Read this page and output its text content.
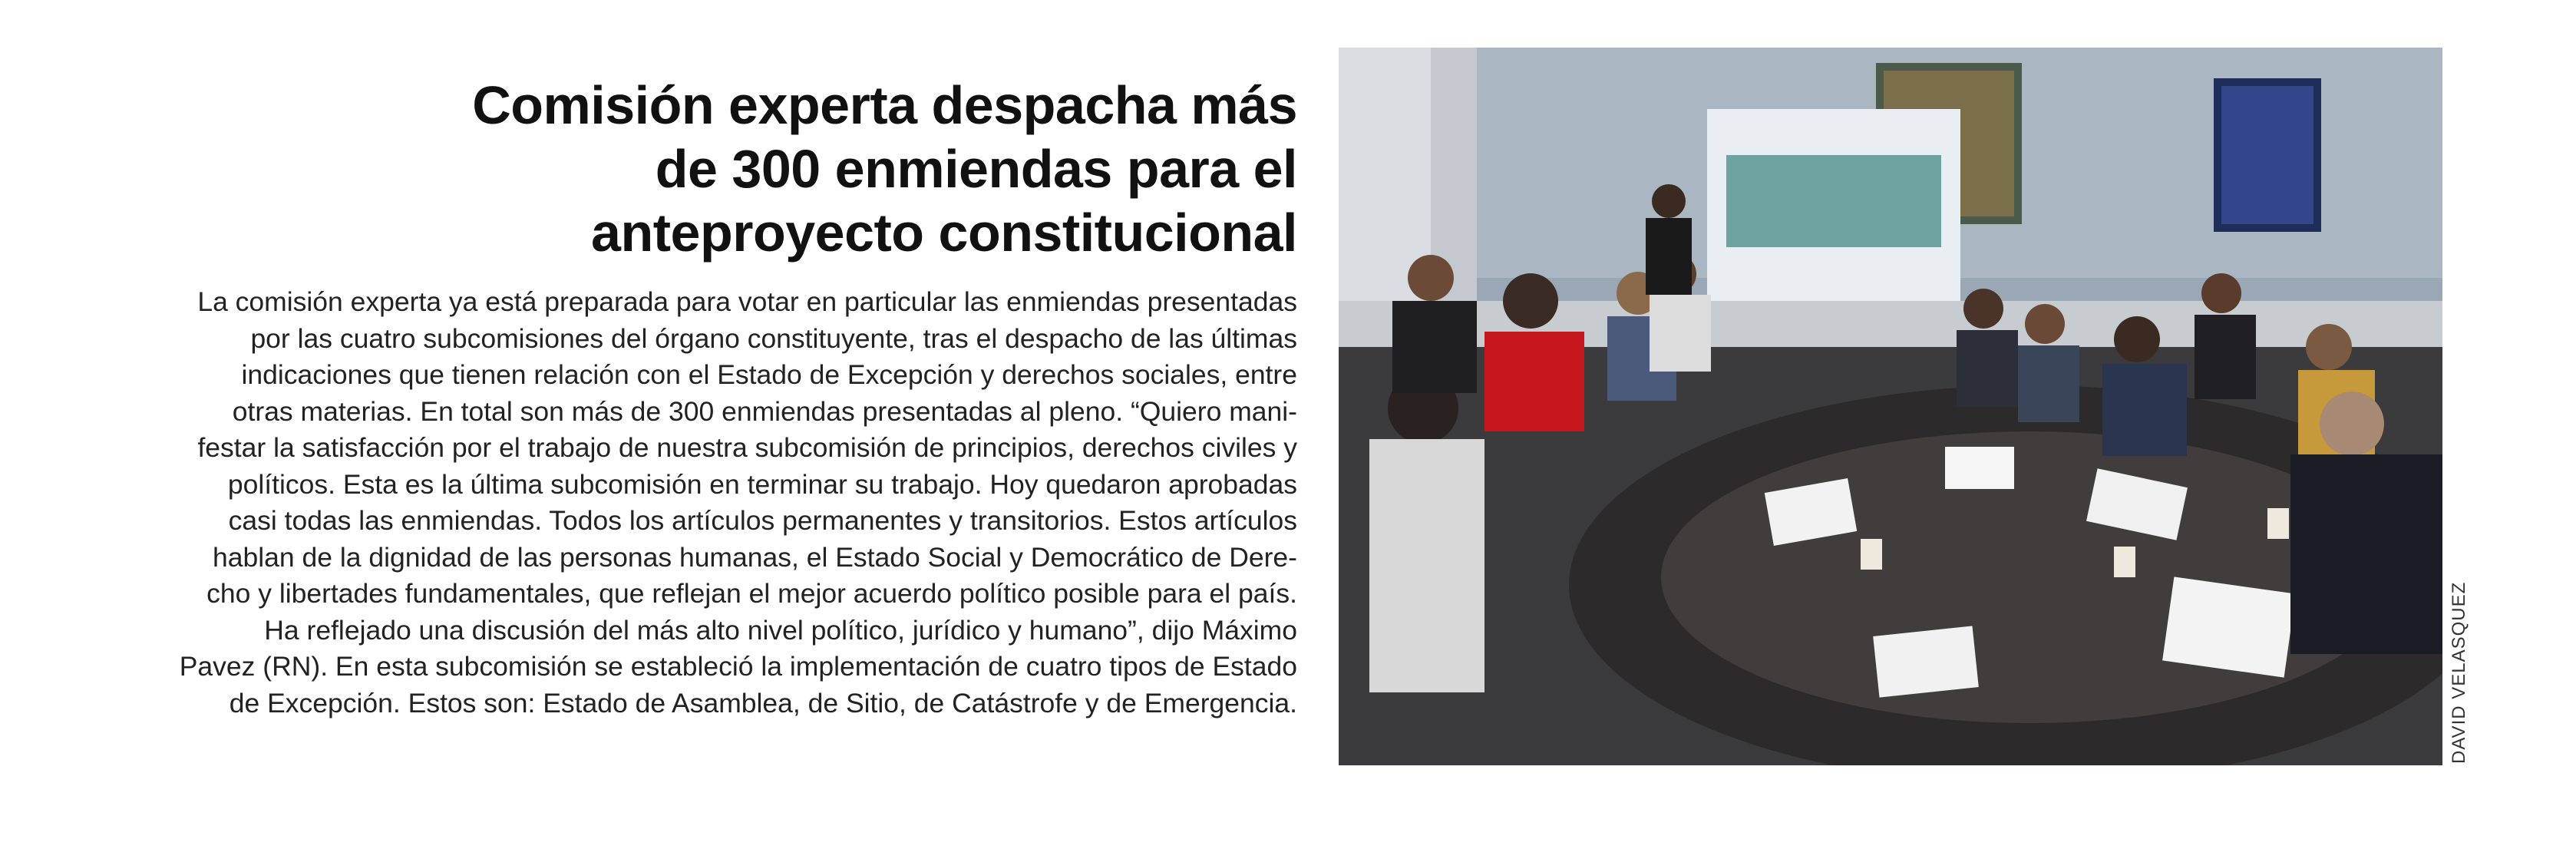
Comisión experta despacha más
de 300 enmiendas para el
anteproyecto constitucional
La comisión experta ya está preparada para votar en particular las enmiendas presentadas
por las cuatro subcomisiones del órgano constituyente, tras el despacho de las últimas
indicaciones que tienen relación con el Estado de Excepción y derechos sociales, entre
otras materias. En total son más de 300 enmiendas presentadas al pleno. “Quiero mani-
festar la satisfacción por el trabajo de nuestra subcomisión de principios, derechos civiles y
políticos. Esta es la última subcomisión en terminar su trabajo. Hoy quedaron aprobadas
casi todas las enmiendas. Todos los artículos permanentes y transitorios. Estos artículos
hablan de la dignidad de las personas humanas, el Estado Social y Democrático de Dere-
cho y libertades fundamentales, que reflejan el mejor acuerdo político posible para el país.
Ha reflejado una discusión del más alto nivel político, jurídico y humano”, dijo Máximo
Pavez (RN). En esta subcomisión se estableció la implementación de cuatro tipos de Estado
de Excepción. Estos son: Estado de Asamblea, de Sitio, de Catástrofe y de Emergencia.	DAVID VELASQUEZ
